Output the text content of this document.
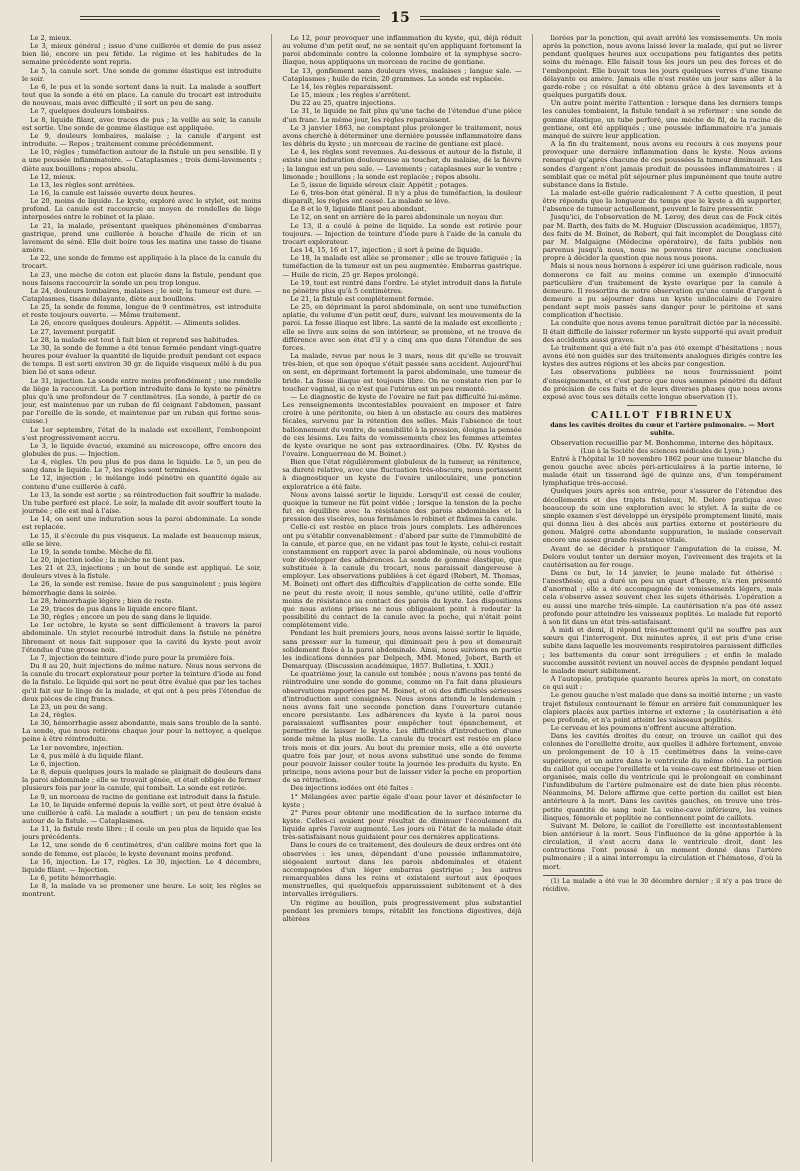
15

Le 2, mieux.

Le 3, mieux général ; issue d'une cuillerée et demie de pus assez bien lié, encore un peu fétide. Le régime et les habitudes de la semaine précédente sont repris.

Le 5, la canule sort. Une sonde de gomme élastique est introduite le soir.

Le 6, le pus et la sonde sortent dans la nuit. La malade a souffert tout que la sonde a été en place. La canule du trocart est introduite de nouveau, mais avec difficulté ; il sort un peu de sang.

Le 7, quelques douleurs lombaires.

Le 8, liquide filant, avec traces de pus ; la veille au soir, la canule est sortie. Une sonde de gomme élastique est appliquée.

Le 9, douleurs lombaires, malaise ; la canule d'argent est introduite. — Repos ; traitement comme précédemment.

Le 10, régles ; tuméfaction autour de la fistule un peu sensible. Il y a une poussée inflammatoire. — Cataplasmes ; trois demi-lavements ; diète aux bouillons ; repos absolu.

Le 12, mieux.

Le 13, les règles sont arrêtées.

Le 16, la canule est laissée ouverte deux heures.

Le 20, moins de liquide. Le kyste, exploré avec le stylet, est moins profond. La canule est raccourcie au moyen de rondelles de liège interposées entre le robinet et la plaie.

Le 21, la malade, présentant quelques phénomènes d'embarras gastrique, prend une cuillerée à bouche d'huile de ricin et un lavement de séné. Elle doit boire tous les matins une tasse de tisane amère.

Le 22, une sonde de femme est appliquée à la place de la canule du trocart.

Le 23, une mèche de coton est placée dans la fistule, pendant que nous faisons raccourcir la sonde un peu trop longue.

Le 24, douleurs lombaires, malaises ; le soir, la tumeur est dure. — Cataplasmes, tisane délayante, diète aux bouillons.

Le 25, la sonde de femme, longue de 9 centimètres, est introduite et reste toujours ouverte. — Même traitement.

Le 26, encore quelques douleurs. Appétit. — Aliments solides.

Le 27, lavement purgatif.

Le 28, la malade est tout à fait bien et reprend ses habitudes.

Le 30, la sonde de femme a été tenue fermée pendant vingt-quatre heures pour évaluer la quantité de liquide produit pendant cet espace de temps. Il est sorti environ 30 gr. de liquide visqueux mêlé à du pus bien lié et sans odeur.

Le 31, injection. La sonde entre moins profondément ; une rondelle de liège la raccourcit. La portion introduite dans le kyste ne pénètre plus qu'à une profondeur de 7 centimètres. (La sonde, à partir de ce jour, est maintenue par un ruban de fil ceignant l'abdomen, passant par l'oreille de la sonde, et maintenue par un ruban qui forme sous-cuisse.)

Le 1er septembre, l'état de la malade est excellent, l'embonpoint s'est progressivement accru.

Le 3, le liquide évacué, examiné au microscope, offre encore des globules de pus. — Injection.

Le 4, règles. Un peu plus de pus dans le liquide. Le 5, un peu de sang dans le liquide. Le 7, les règles sont terminées.

Le 12, injection ; le mélange iodé pénètre en quantité égale au contenu d'une cuillerée à café.

Le 13, la sonde est sortie ; sa réintroduction fait souffrir la malade. Un tube perforé est placé. Le soir, la malade dit avoir souffert toute la journée ; elle est mal à l'aise.

Le 14, on sent une induration sous la paroi abdominale. La sonde est replacée.

Le 15, il s'écoule du pus visqueux. La malade est beaucoup mieux, elle se lève.

Le 19, la sonde tombe. Mèche de fil.

Le 20, injection iodée ; la mèche ne tient pas.

Les 21 et 23, injections ; un bout de sonde est appliqué. Le soir, douleurs vives à la fistule.

Le 26, la sonde est remise. Issue de pus sanguinolent ; puis légère hémorrhagie dans la soirée.

Le 28, hémorrhagie légère ; bien de reste.

Le 29, traces de pus dans le liquide encore filant.

Le 30, règles ; encore un peu de sang dans le liquide.

Le 1er octobre, le kyste se sent difficilement à travers la paroi abdominale. Un stylet recourbé introduit dans la fistule ne pénètre librement et nous fait supposer que la cavité du kyste peut avoir l'étendue d'une grosse noix.

Le 7, injection de teinture d'iode pure pour la première fois.

Du 8 au 20, huit injections de même nature. Nous nous servons de la canule du trocart explorateur pour porter la teinture d'iode au fond de la fistule. Le liquide qui sort ne peut être évalué que par les taches qu'il fait sur le linge de la malade, et qui ont à peu près l'étendue de deux pièces de cinq francs.

Le 23, un peu de sang.

Le 24, règles.

Le 30, hémorrhagie assez abondante, mais sans trouble de la santé. La sonde, que nous retirons chaque jour pour la nettoyer, a quelque peine à être réintroduite.

Le 1er novembre, injection.

Le 4, pus mêlé à du liquide filant.

Le 6, injection.

Le 8, depuis quelques jours la malade se plaignait de douleurs dans la paroi abdominale ; elle se trouvait gênée, et était obligée de fermer plusieurs fois par jour la canule, qui tombait. La sonde est retirée.

Le 9, un morceau de racine de gentiane est introduit dans la fistule.

Le 10, le liquide enfermé depuis la veille sort, et peut être évalué à une cuillerée à café. La malade a souffert ; un peu de tension existe autour de la fistule. — Cataplasmes.

Le 11, la fistule reste libre ; il coule un peu plus de liquide que les jours précédents.

Le 12, une sonde de 6 centimètres, d'un calibre moins fort que la sonde de femme, est placée, le kyste devenant moins profond.

Le 16, injection. Le 17, règles. Le 30, injection. Le 4 décembre, liquide filant. — Injection.

Le 6, petite hémorrhagie.

Le 8, la malade va se promener une heure. Le soir, les règles se montrent.

Le 12, pour provoquer une inflammation du kyste, qui, déjà réduit au volume d'un petit œuf, ne se sentait qu'en appliquant fortement la paroi abdominale contre la colonne lombaire et la symphyse sacro-iliaque, nous appliquons un morceau de racine de gentiane.

Le 13, gonflement sans douleurs vives, malaises ; langue sale. — Cataplasmes ; huile de ricin, 20 grammes. La sonde est replacée.

Le 14, les règles reparaissent.

Le 15, mieux ; les règles s'arrêtent.

Du 22 au 25, quatre injections.

Le 31, le liquide ne fait plus qu'une tache de l'étendue d'une pièce d'un franc. Le même jour, les règles reparaissent.

Le 3 janvier 1863, ne comptant plus prolonger le traitement, nous avons cherché à déterminer une dernière poussée inflammatoire dans les débris du kyste ; un morceau de racine de gentiane est placé.

Le 4, les règles sont revenues. Au-dessous et autour de la fistule, il existe une induration douloureuse au toucher, du malaise, de la fièvre ; la langue est un peu sale. — Lavements ; cataplasmes sur le ventre ; limonade ; bouillons ; la sonde est replacée ; repos absolu.

Le 5, issue de liquide séreux clair. Appétit ; potages.

Le 6, très-bon état général. Il n'y a plus de tuméfaction, la douleur disparaît, les règles ont cessé. La malade se lève.

Le 8 et le 9, liquide filant peu abondant.

Le 12, on sent en arrière de la paroi abdominale un noyau dur.

Le 13, il a coulé à peine de liquide. La sonde est retirée pour toujours. — Injection de teinture d'iode pure à l'aide de la canule du trocart explorateur.

Les 14, 15, 16 et 17, injection ; il sort à peine de liquide.

Le 18, la malade est allée se promener ; elle se trouve fatiguée ; la tuméfaction de la tumeur est un peu augmentée. Embarras gastrique. — Huile de ricin, 25 gr. Repos prolongé.

Le 19, tout est rentré dans l'ordre. Le stylet introduit dans la fistule ne pénètre plus qu'à 5 centimètres.

Le 21, la fistule est complétement fermée.

Le 25, en déprimant la paroi abdominale, on sent une tuméfaction aplatie, du volume d'un petit œuf, dure, suivant les mouvements de la paroi. La fosse iliaque est libre. La santé de la malade est excellente ; elle se livre aux soins de son intérieur, se promène, et ne trouve de différence avec son état d'il y a cinq ans que dans l'étendue de ses forces.

La malade, revue par nous le 3 mars, nous dit qu'elle se trouvait très-bien, et que son époque s'était passée sans accident. Aujourd'hui on sent, en déprimant fortement la paroi abdominale, une tumeur de bride. La fosse iliaque est toujours libre. On ne constate rien par le toucher vaginal, si ce n'est que l'utérus est un peu remonté.

— Le diagnostic de kyste de l'ovaire ne fait pas difficulté lui-même. Les renseignements incontestables pouvaient en imposer et faire croire à une péritonite, ou bien à un obstacle au cours des matières fécales, survenu par la rétention des selles. Mais l'absence de tout ballonnement du ventre, de sensibilité à la pression, éloigna la pensée de ces lésions. Les faits de vomissements chez les femmes atteintes de kyste ovarique ne sont pas extraordinaires. (Obs. IV. Kystes de l'ovaire. Longuerreau de M. Boinet.)

Bien que l'état régulièrement globuleux de la tumeur, sa rénitence, sa dureté relative, avec une fluctuation très-obscure, nous portassent à diagnostiquer un kyste de l'ovaire uniloculaire, une ponction exploratrice a été faite.

Nous avons laissé sortir le liquide. Lorsqu'il est cessé de couler, quoique la tumeur ne fût point vidée ; lorsque la tension de la poche fut en équilibre avec la résistance des parois abdominales et la pression des viscères, nous fermâmes le robinet et fixâmes la canule.

Celle-ci est restée en place trois jours complets. Les adhérences ont pu s'établir convenablement : d'abord par suite de l'immobilité de la canule, et parce que, en ne vidant pas tout le kyste, celui-ci restait constamment en rapport avec la paroi abdominale, où nous voulions voir développer des adhérences. La sonde de gomme élastique, que substituée à la canule du trocart, nous paraissait dangereuse à employer. Les observations publiées à cet égard (Robert, M. Thomas, M. Boinet) ont offert des difficultés d'application de cette sonde. Elle ne peut du reste avoir, il nous semble, qu'une utilité, celle d'offrir moins de résistance au contact des parois du kyste. Les dispositions que nous avions prises ne nous obligeaient point à redouter la possibilité du contact de la canule avec la poche, qui n'était point complètement vide.

Pendant les huit premiers jours, nous avons laissé sortir le liquide, sans presser sur la tumeur, qui diminuait peu à peu et demeurait solidement fixée à la paroi abdominale. Ainsi, nous suivions en partie les indications données par Delpech, MM. Monod, Jobert, Barth et Demarquay. (Discussion académique, 1857. Bulletins, t. XXII.)

Le quatrième jour, la canule est tombée ; nous n'avons pas tenté de réintroduire une sonde de gomme, comme on l'a fait dans plusieurs observations rapportées par M. Boinet, et où des difficultés sérieuses d'introduction sont consignées. Nous avons attendu le lendemain ; nous avons fait une seconde ponction dans l'ouverture cutanée encore persistante. Les adhérences du kyste à la paroi nous paraissaient suffisantes pour empêcher tout épanchement, et permettre de laisser le kyste. Les difficultés d'introduction d'une sonde même la plus molle. La canule du trocart est restée en place trois mois et dix jours. Au bout du premier mois, elle a été ouverte quatre fois par jour, et nous avons substitué une sonde de femme pour pouvoir laisser couler toute la journée les produits du kyste. En principe, nous avions pour but de laisser vider la poche en proportion de sa rétraction.

Des injections iodées ont été faites :

1° Mélangées avec partie égale d'eau pour laver et désinfecter le kyste ;

2° Pures pour obtenir une modification de la surface interne du kyste. Celles-ci avaient pour résultat de diminuer l'écoulement du liquide après l'avoir augmenté. Les jours où l'état de la malade était très-satisfaisant nous guidaient pour ces dernières applications.

Dans le cours de ce traitement, des douleurs de deux ordres ont été observées : les unes, dépendant d'une poussée inflammatoire, siégeaient surtout dans les parois abdominales et étaient accompagnées d'un léger embarras gastrique ; les autres remarquables dans les reins et existaient surtout aux époques menstruelles, qui quelquefois apparaissaient subitement et à des intervalles irréguliers.

Un régime au bouillon, puis progressivement plus substantiel pendant les premiers temps, rétablit les fonctions digestives, déjà altérées

liorées par la ponction, qui avait arrêté les vomissements. Un mois après la ponction, nous avons laissé lever la malade, qui put se livrer pendant quelques heures aux occupations peu fatigantes des petits soins du ménage. Elle faisait tous les jours un peu des forces et de l'embonpoint. Elle buvait tous les jours quelques verres d'une tisane délayante ou amère. Jamais elle n'est restée un jour sans aller à la garde-robe ; ce résultat a été obtenu grâce à des lavements et à quelques purgatifs doux.

Un autre point mérite l'attention : lorsque dans les derniers temps les canules tombaient, la fistule tendait à se refermer : une sonde de gomme élastique, un tube perforé, une mèche de fil, de la racine de gentiane, ont été appliqués ; une poussée inflammatoire n'a jamais manqué de suivre leur application.

A la fin du traitement, nous avons eu recours à ces moyens pour provoquer une dernière inflammation dans le kyste. Nous avions remarqué qu'après chacune de ces poussées la tumeur diminuait. Les sondes d'argent n'ont jamais produit de poussées inflammatoires : il semblait que ce métal pût séjourner plus impunément que toute autre substance dans la fistule.

La malade est-elle guérie radicalement ? A cette question, il peut être répondu que la longueur du temps que le kyste a dû supporter, l'absence de tumeur actuellement, peuvent le faire pressentir.

Jusqu'ici, de l'observation de M. Leroy, des deux cas de Fock cités par M. Barth, des faits de M. Huguier (Discussion académique, 1857), des faits de M. Boinet, de Robert, qui fait incomplet de Douglass cité par M. Malgaigne (Médecine opératoire), de faits publiés non parvenus jusqu'à nous, nous ne pouvons tirer aucune conclusion propre à décider la question que nous nous posons.

Mais si nous nous bornons à espérer ici une guérison radicale, nous donnerons ce fait au moins comme un exemple d'innocuité particulière d'un traitement de kyste ovarique par la canule à demeure. Il ressortira de notre observation qu'une canule d'argent à demeure a pu séjourner dans un kyste uniloculaire de l'ovaire pendant sept mois passés sans danger pour le péritoine et sans complication d'hectisie.

La conduite que nous avons tenue paraîtrait dictée par la nécessité. Il était difficile de laisser refermer un kyste supporté qui avait produit des accidents aussi graves.

Le traitement qui a été fait n'a pas été exempt d'hésitations ; nous avons été non guidés sur des traitements analogues dirigés contre les kystes des autres régions et les abcès par congestion.

Les observations publiées ne nous fournissaient point d'enseignements, et c'est parce que nous sommes pénétré du défaut de précision de ces faits et de leurs diverses phases que nous avons exposé avec tous ses détails cette longue observation (1).

CAILLOT FIBRINEUX

dans les cavités droites du cœur et l'artère pulmonaire. — Mort subite.

Observation recueillie par M. Bonhomme, interne des hôpitaux.

(Lue à la Société des sciences médicales de Lyon.)

Entré à l'hôpital le 10 novembre 1862 pour une tumeur blanche du genou gauche avec abcès péri-articulaires à la partie interne, le malade était un tisserand âgé de quinze ans, d'un tempérament lymphatique très-accusé.

Quelques jours après son entrée, pour s'assurer de l'étendue des décollements et des trajets fistuleux, M. Delore pratiqua avec beaucoup de soin une exploration avec le stylet. À la suite de ce simple examen s'est développé un érysipèle promptement limité, mais qui donna lieu à des abcès aux parties externe et postérieure du genou. Malgré cette abondante suppuration, le malade conservait encore une assez grande résistance vitale.

Avant de se décider à pratiquer l'amputation de la cuisse, M. Delore voulut tenter un dernier moyen, l'avivement des trajets et la cautérisation au fer rouge.

Dans ce but, le 14 janvier, le jeune malade fut éthérisé : l'anesthésie, qui a duré un peu un quart d'heure, n'a rien présenté d'anormal ; elle a été accompagnée de vomissements légers, mais cela s'observe assez souvent chez les sujets éthérisés. L'opération a eu aussi une marche très-simple. La cautérisation n'a pas été assez profonde pour atteindre les vaisseaux poplités. Le malade fut reporté à son lit dans un état très-satisfaisant.

À midi et demi, il répond très-nettement qu'il ne souffre pas aux sœurs qui l'interrogent. Dix minutes après, il est pris d'une crise subite dans laquelle les mouvements respiratoires paraissent difficiles ; les battements du cœur sont irréguliers ; et enfin le malade succombe aussitôt revient un nouvel accès de dyspnée pendant lequel le malade meurt subitement.

À l'autopsie, pratiquée quarante heures après la mort, on constate ce qui suit :

Le genou gauche n'est malade que dans sa moitié interne ; un vaste trajet fistuleux contournant le fémur en arrière fait communiquer les clapiers placés aux parties interne et externe ; la cautérisation a été peu profonde, et n'a point atteint les vaisseaux poplités.

Le cerveau et les poumons n'offrent aucune altération.

Dans les cavités droites du cœur, on trouve un caillot qui des colonnes de l'oreillette droite, aux quelles il adhère fortement, envoie un prolongement de 10 à 15 centimètres dans la veine-cave supérieure, et un autre dans le ventricule du même côté. La portion du caillot qui occupe l'oreillette et la veine-cave est fibrineuse et bien organisée, mais celle du ventricule qui le prolongeait en combinant l'infundibulum de l'artère pulmonaire est de date bien plus récente. Néanmoins, M. Delore affirme que cette portion du caillot est bien antérieure à la mort. Dans les cavités gauches, on trouve une très-petite quantité de sang noir. La veine-cave inférieure, les veines iliaques, fémorale et poplitée ne contiennent point de caillots.

Suivant M. Delore, le caillot de l'oreillette est incontestablement bien antérieur à la mort. Sous l'influence de la gêne apportée à la circulation, il s'est accru dans le ventricule droit, dont les contractions l'ont poussé à un moment donné dans l'artère pulmonaire ; il a ainsi interrompu la circulation et l'hématose, d'où la mort.

(1) La malade a été vue le 30 décembre dernier ; il n'y a pas trace de récidive.
